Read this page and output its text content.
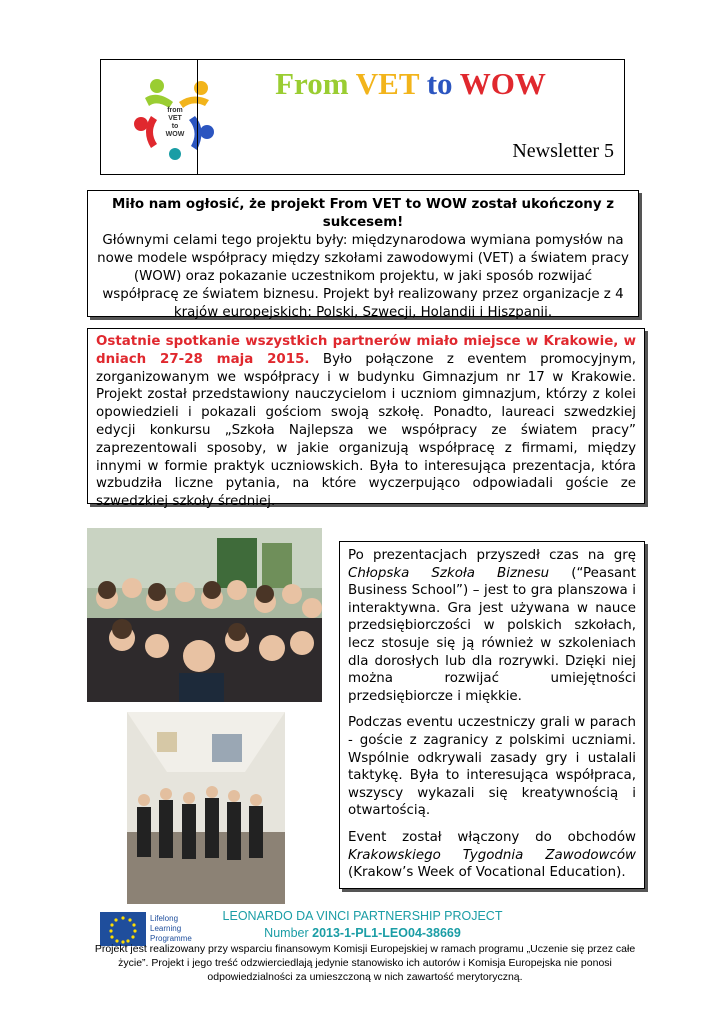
from
VET
to
WOW
From VET to WOW
Newsletter 5
Miło nam ogłosić, że projekt From VET to WOW został ukończony z sukcesem!
Głównymi celami tego projektu były: międzynarodowa wymiana pomysłów na nowe modele współpracy między szkołami zawodowymi (VET) a światem pracy (WOW) oraz pokazanie uczestnikom projektu, w jaki sposób rozwijać współpracę ze światem biznesu. Projekt był realizowany przez organizacje z 4 krajów europejskich: Polski, Szwecji, Holandii i Hiszpanii.
Ostatnie spotkanie wszystkich partnerów miało miejsce w Krakowie, w dniach 27-28 maja 2015. Było połączone z eventem promocyjnym, zorganizowanym we współpracy i w budynku Gimnazjum nr 17 w Krakowie. Projekt został przedstawiony nauczycielom i uczniom gimnazjum, którzy z kolei opowiedzieli i pokazali gościom swoją szkołę. Ponadto, laureaci szwedzkiej edycji konkursu „Szkoła Najlepsza we współpracy ze światem pracy” zaprezentowali sposoby, w jakie organizują współpracę z firmami, między innymi w formie praktyk uczniowskich. Była to interesująca prezentacja, która wzbudziła liczne pytania, na które wyczerpująco odpowiadali goście ze szwedzkiej szkoły średniej.

Po prezentacjach przyszedł czas na grę Chłopska Szkoła Biznesu (“Peasant Business School”) – jest to gra planszowa i interaktywna. Gra jest używana w nauce przedsiębiorczości w polskich szkołach, lecz stosuje się ją również w szkoleniach dla dorosłych lub dla rozrywki. Dzięki niej można rozwijać umiejętności przedsiębiorcze i miękkie.

Podczas eventu uczestniczy grali w parach - goście z zagranicy z polskimi uczniami. Wspólnie odkrywali zasady gry i ustalali taktykę. Była to interesująca współpraca, wszyscy wykazali się kreatywnością i otwartością.

Event został włączony do obchodów Krakowskiego Tygodnia Zawodowców (Krakow’s Week of Vocational Education).

Lifelong
Learning
Programme
LEONARDO DA VINCI PARTNERSHIP PROJECT
Number 2013-1-PL1-LEO04-38669
Projekt jest realizowany przy wsparciu finansowym Komisji Europejskiej w ramach programu „Uczenie się przez całe życie”. Projekt i jego treść odzwierciedlają jedynie stanowisko ich autorów i Komisja Europejska nie ponosi odpowiedzialności za umieszczoną w nich zawartość merytoryczną.
